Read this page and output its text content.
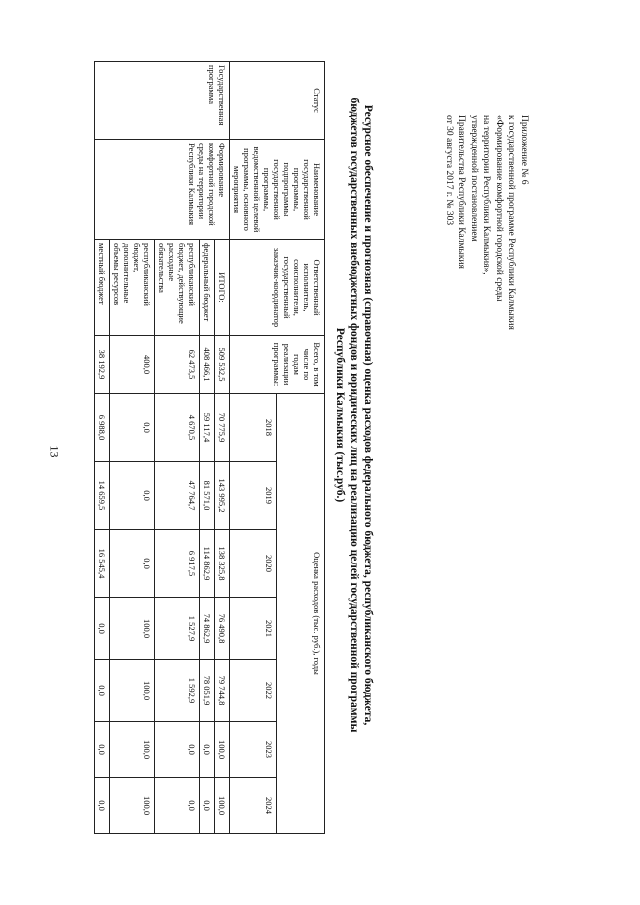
13
Приложение № 6
к государственной программе Республики Калмыкия
«Формирование комфортной городской среды
на территории Республики Калмыкия»,
утвержденной постановлением
Правительства Республики Калмыкия
от 30 августа 2017 г. № 303
Ресурсное обеспечение и прогнозная (справочная) оценка расходов федерального бюджета, республиканского бюджета,
бюджетов государственных внебюджетных фондов и юридических лиц на реализацию целей государственной программы
Республики Калмыкия (тыс.руб.)
Статус	Наименование государственной программы, подпрограммы государственной программы, ведомственной целевой программы, основного мероприятия	Ответственный исполнитель, соисполнители, государственный заказчик-координатор	Всего, в том числе по годам реализации программы:	Оценка расходов (тыс. руб.), годы						
				2018	2019	2020	2021	2022	2023	2024
Государственная программа	Формирование комфортной городской среды на территории Республики Калмыкия	ИТОГО:	509 532,5	70 775,9	143 995,2	138 325,8	76 490,8	79 744,8	100,0	100,0
		федеральный бюджет	408 466,1	59 117,4	81 571,0	114 862,9	74 862,9	78 051,9	0,0	0,0
		республиканский бюджет, действующие расходные обязательства	62 473,5	4 670,5	47 764,7	6 917,5	1 527,9	1 592,9	0,0	0,0
		республиканский бюджет, дополнительные объемы ресурсов	400,0	0,0	0,0	0,0	100,0	100,0	100,0	100,0
		местный бюджет	38 192,9	6 988,0	14 659,5	16 545,4	0,0	0,0	0,0	0,0
